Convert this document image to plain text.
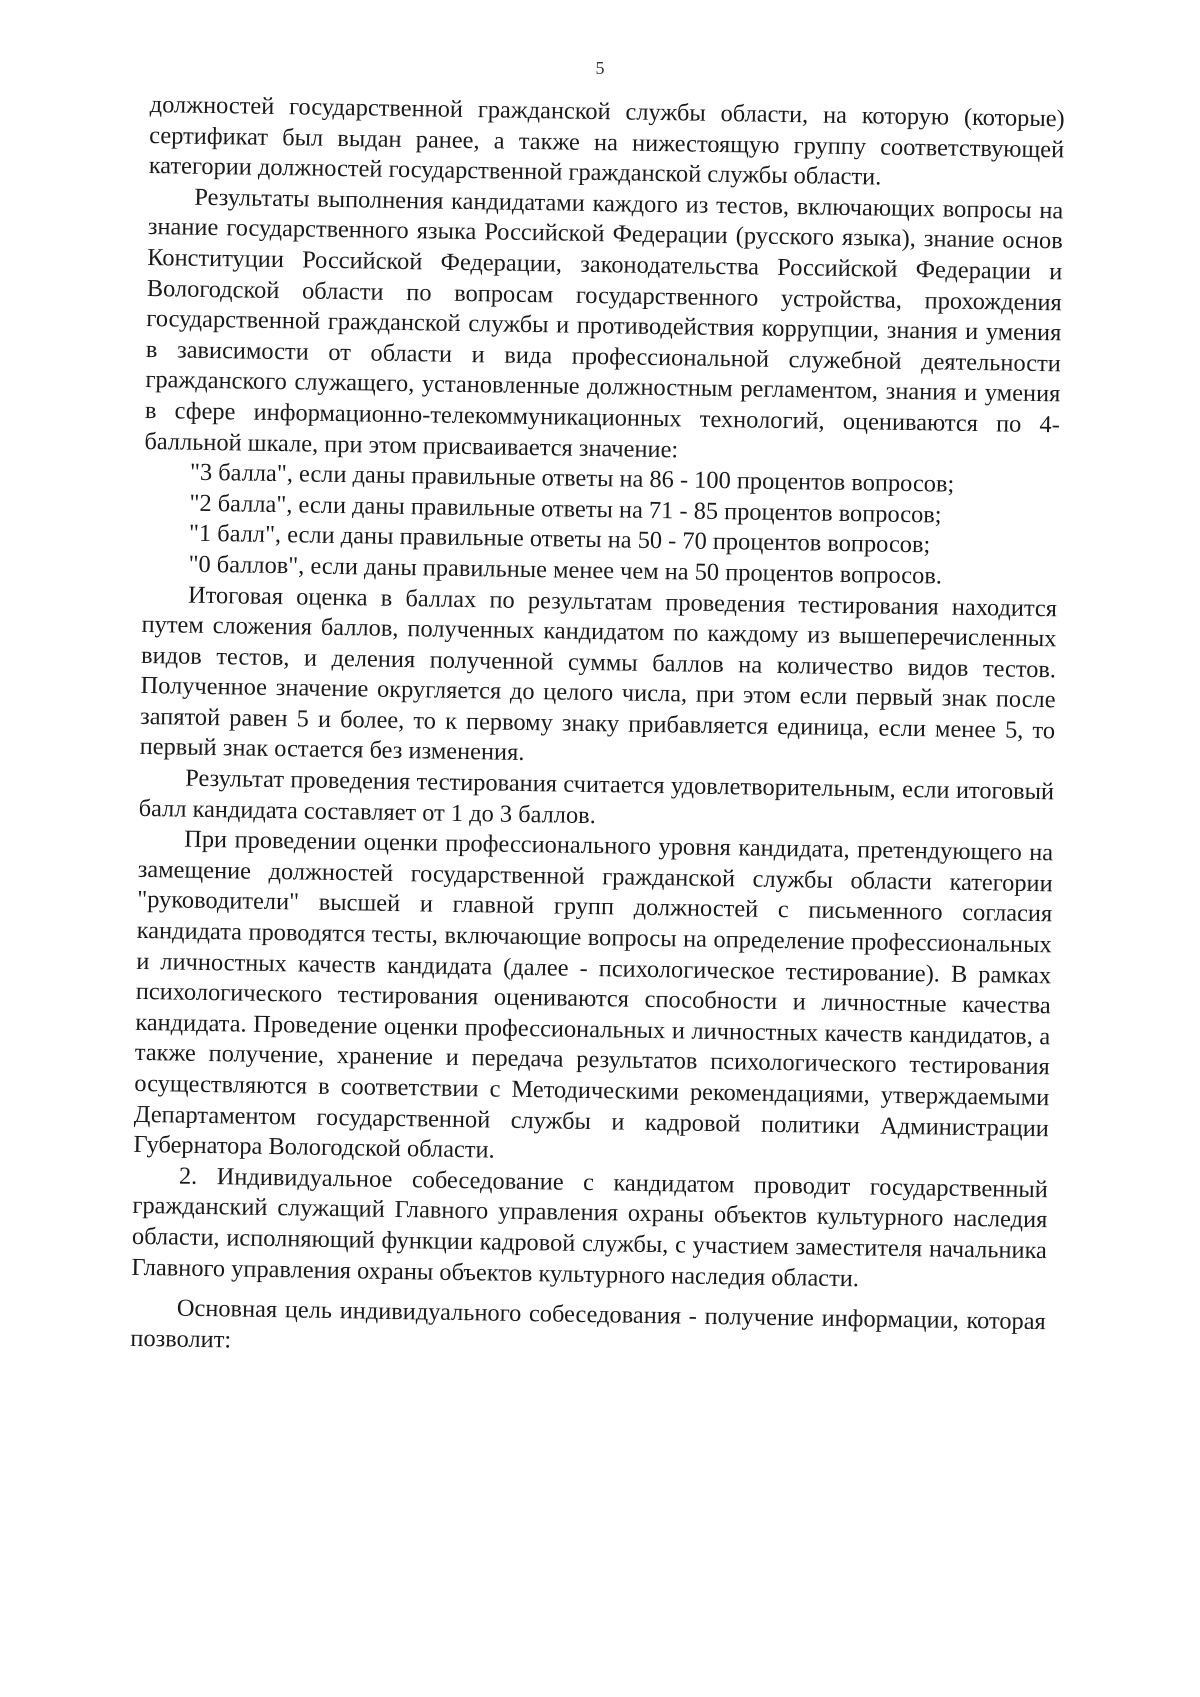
5

должностей государственной гражданской службы области, на которую (которые) сертификат был выдан ранее, а также на нижестоящую группу соответствующей категории должностей государственной гражданской службы области.

Результаты выполнения кандидатами каждого из тестов, включающих вопросы на знание государственного языка Российской Федерации (русского языка), знание основ Конституции Российской Федерации, законодательства Российской Федерации и Вологодской области по вопросам государственного устройства, прохождения государственной гражданской службы и противодействия коррупции, знания и умения в зависимости от области и вида профессиональной служебной деятельности гражданского служащего, установленные должностным регламентом, знания и умения в сфере информационно-телекоммуникационных технологий, оцениваются по 4-балльной шкале, при этом присваивается значение:

"3 балла", если даны правильные ответы на 86 - 100 процентов вопросов;

"2 балла", если даны правильные ответы на 71 - 85 процентов вопросов;

"1 балл", если даны правильные ответы на 50 - 70 процентов вопросов;

"0 баллов", если даны правильные менее чем на 50 процентов вопросов.

Итоговая оценка в баллах по результатам проведения тестирования находится путем сложения баллов, полученных кандидатом по каждому из вышеперечисленных видов тестов, и деления полученной суммы баллов на количество видов тестов. Полученное значение округляется до целого числа, при этом если первый знак после запятой равен 5 и более, то к первому знаку прибавляется единица, если менее 5, то первый знак остается без изменения.

Результат проведения тестирования считается удовлетворительным, если итоговый балл кандидата составляет от 1 до 3 баллов.

При проведении оценки профессионального уровня кандидата, претендующего на замещение должностей государственной гражданской службы области категории "руководители" высшей и главной групп должностей с письменного согласия кандидата проводятся тесты, включающие вопросы на определение профессиональных и личностных качеств кандидата (далее - психологическое тестирование). В рамках психологического тестирования оцениваются способности и личностные качества кандидата. Проведение оценки профессиональных и личностных качеств кандидатов, а также получение, хранение и передача результатов психологического тестирования осуществляются в соответствии с Методическими рекомендациями, утверждаемыми Департаментом государственной службы и кадровой политики Администрации Губернатора Вологодской области.

2. Индивидуальное собеседование с кандидатом проводит государственный гражданский служащий Главного управления охраны объектов культурного наследия области, исполняющий функции кадровой службы, с участием заместителя начальника Главного управления охраны объектов культурного наследия области.

Основная цель индивидуального собеседования - получение информации, которая позволит:
